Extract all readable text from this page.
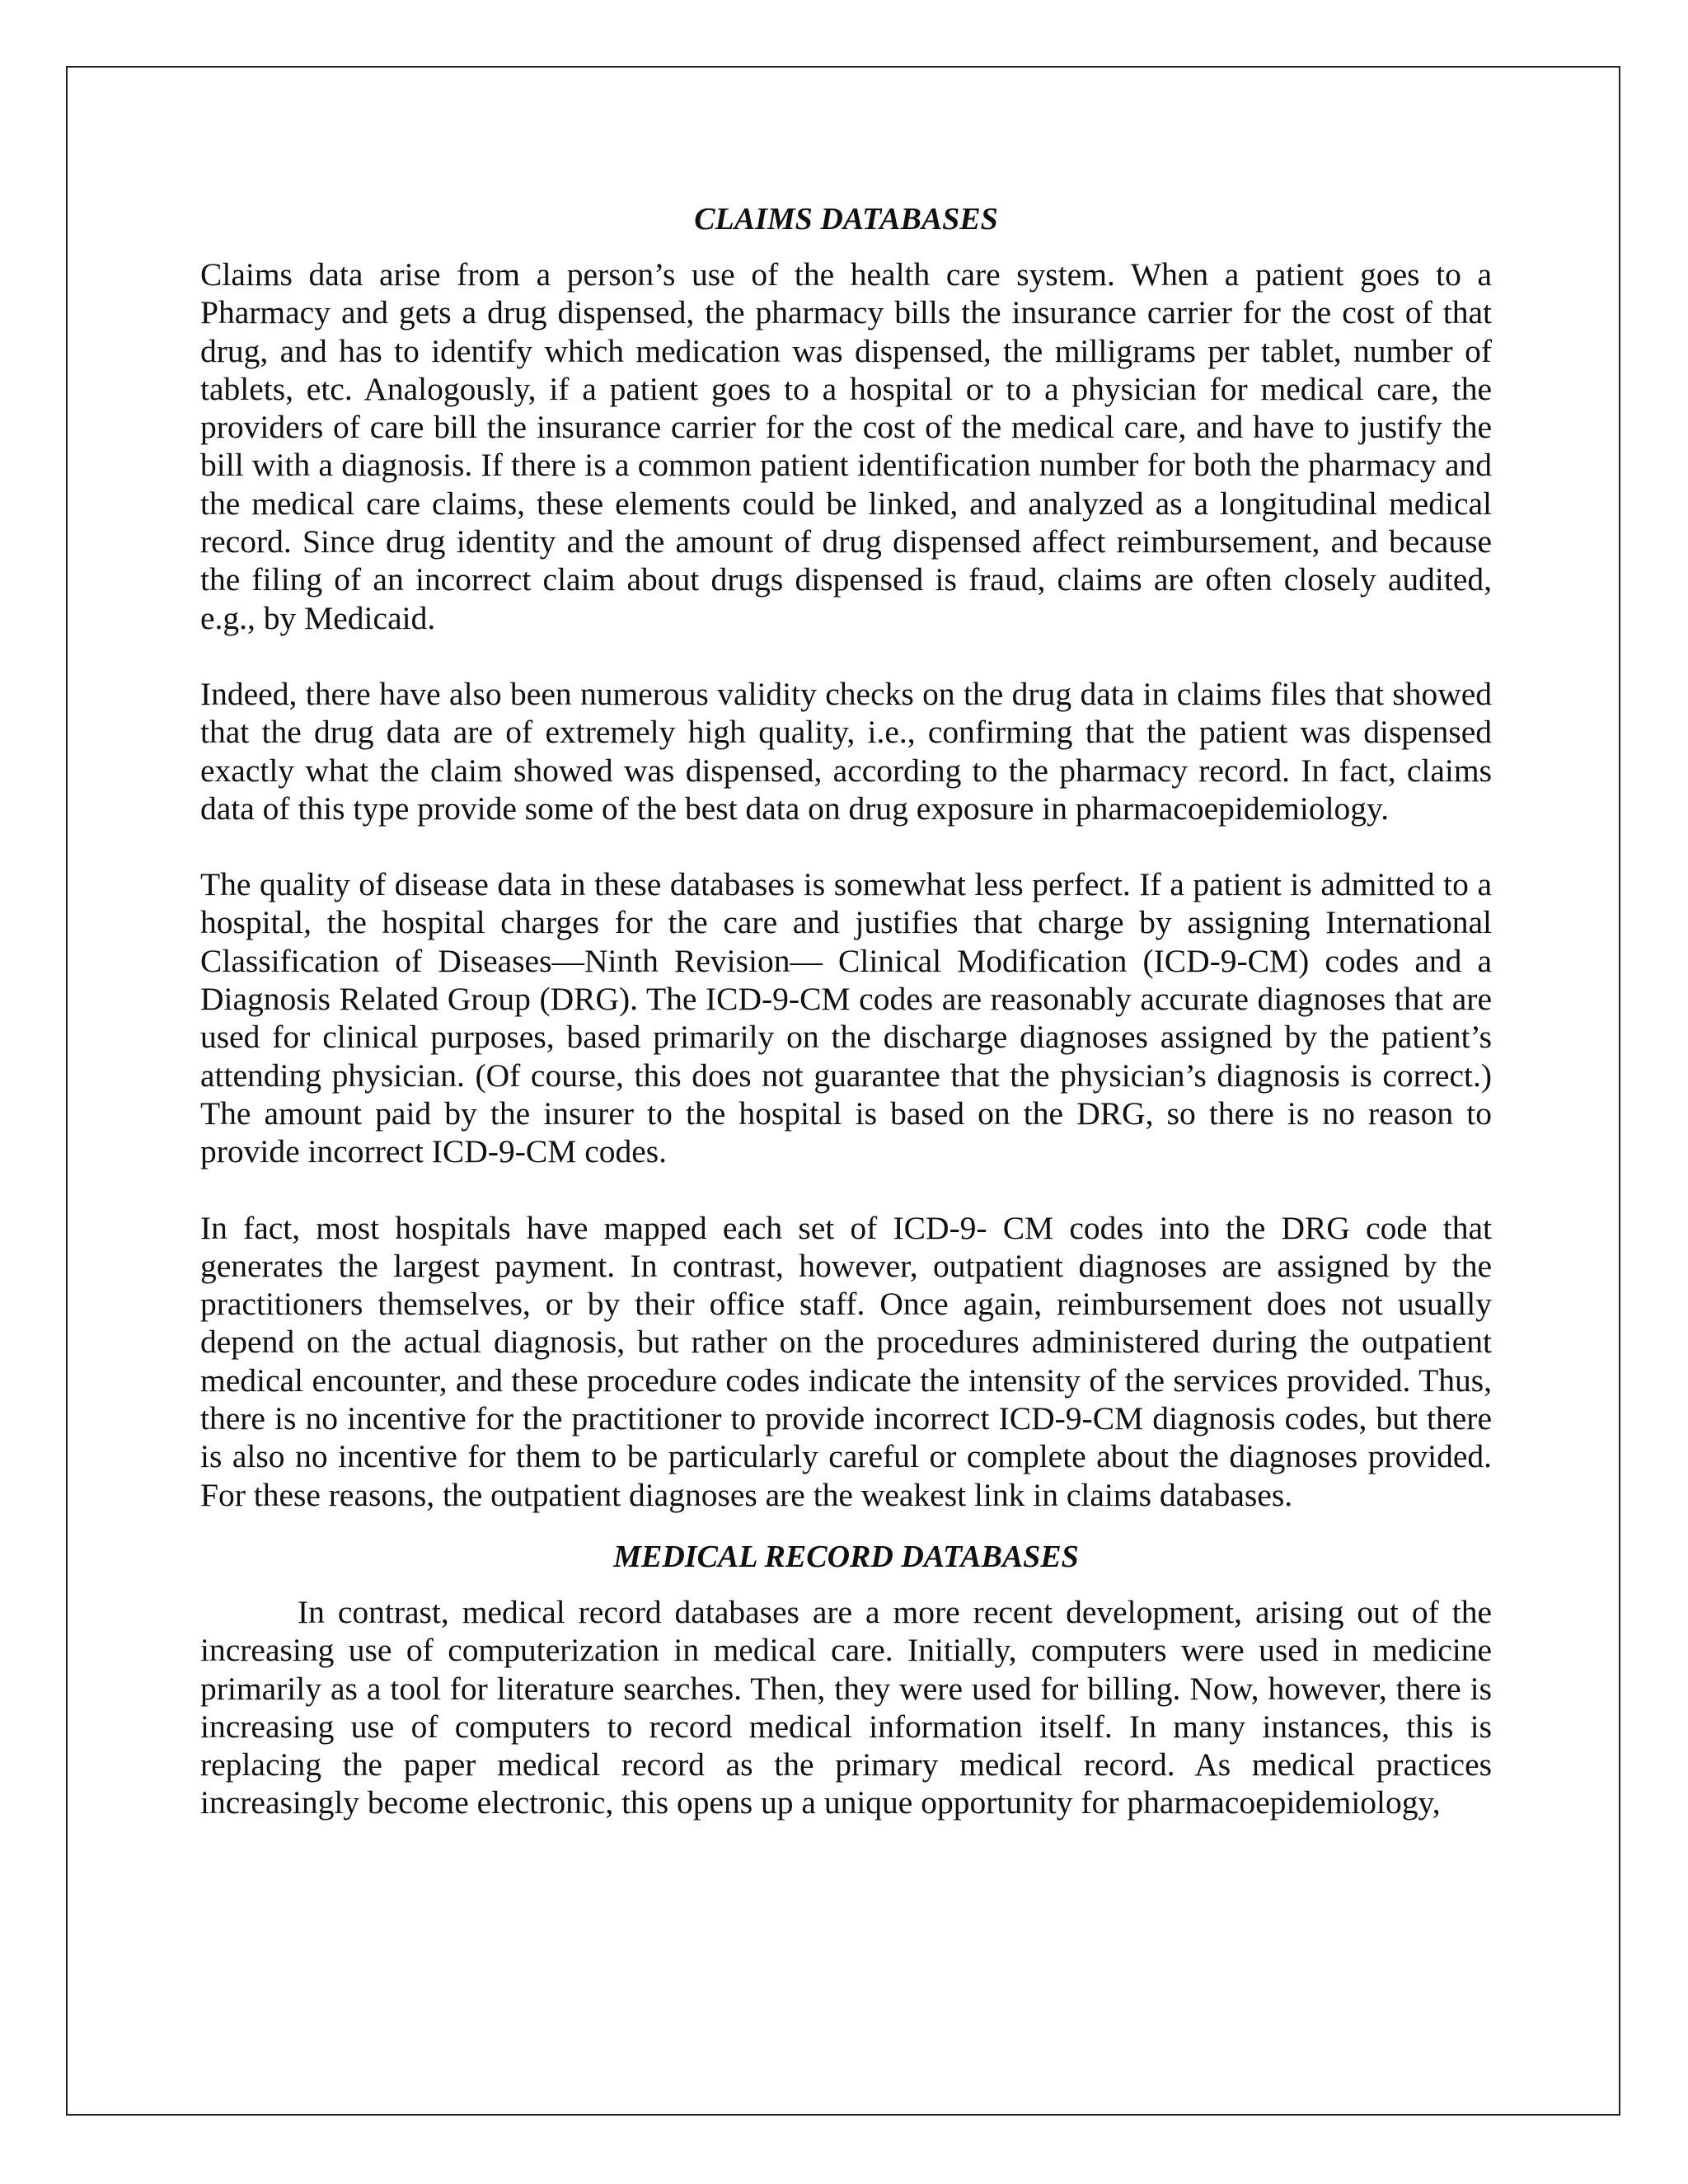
CLAIMS DATABASES

Claims data arise from a person’s use of the health care system. When a patient goes to a Pharmacy and gets a drug dispensed, the pharmacy bills the insurance carrier for the cost of that drug, and has to identify which medication was dispensed, the milligrams per tablet, number of tablets, etc. Analogously, if a patient goes to a hospital or to a physician for medical care, the providers of care bill the insurance carrier for the cost of the medical care, and have to justify the bill with a diagnosis. If there is a common patient identification number for both the pharmacy and the medical care claims, these elements could be linked, and analyzed as a longitudinal medical record. Since drug identity and the amount of drug dispensed affect reimbursement, and because the filing of an incorrect claim about drugs dispensed is fraud, claims are often closely audited, e.g., by Medicaid.

Indeed, there have also been numerous validity checks on the drug data in claims files that showed that the drug data are of extremely high quality, i.e., confirming that the patient was dispensed exactly what the claim showed was dispensed, according to the pharmacy record. In fact, claims data of this type provide some of the best data on drug exposure in pharmacoepidemiology.

The quality of disease data in these databases is somewhat less perfect. If a patient is admitted to a hospital, the hospital charges for the care and justifies that charge by assigning International Classification of Diseases—Ninth Revision— Clinical Modification (ICD-9-CM) codes and a Diagnosis Related Group (DRG). The ICD-9-CM codes are reasonably accurate diagnoses that are used for clinical purposes, based primarily on the discharge diagnoses assigned by the patient’s attending physician. (Of course, this does not guarantee that the physician’s diagnosis is correct.) The amount paid by the insurer to the hospital is based on the DRG, so there is no reason to provide incorrect ICD-9-CM codes.

In fact, most hospitals have mapped each set of ICD-9- CM codes into the DRG code that generates the largest payment. In contrast, however, outpatient diagnoses are assigned by the practitioners themselves, or by their office staff. Once again, reimbursement does not usually depend on the actual diagnosis, but rather on the procedures administered during the outpatient medical encounter, and these procedure codes indicate the intensity of the services provided. Thus, there is no incentive for the practitioner to provide incorrect ICD-9-CM diagnosis codes, but there is also no incentive for them to be particularly careful or complete about the diagnoses provided. For these reasons, the outpatient diagnoses are the weakest link in claims databases.

MEDICAL RECORD DATABASES

In contrast, medical record databases are a more recent development, arising out of the increasing use of computerization in medical care. Initially, computers were used in medicine primarily as a tool for literature searches. Then, they were used for billing. Now, however, there is increasing use of computers to record medical information itself. In many instances, this is replacing the paper medical record as the primary medical record. As medical practices increasingly become electronic, this opens up a unique opportunity for pharmacoepidemiology,
